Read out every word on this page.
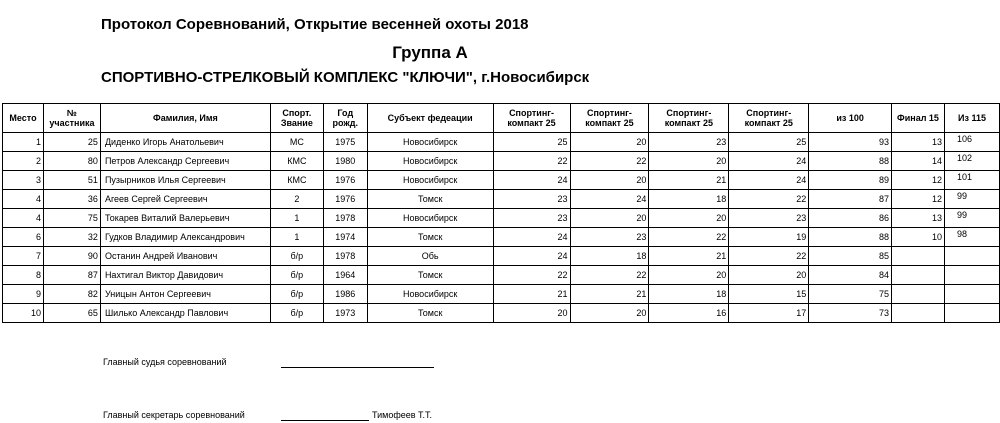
Протокол Соревнований, Открытие весенней охоты 2018
Группа А
СПОРТИВНО-СТРЕЛКОВЫЙ КОМПЛЕКС "КЛЮЧИ", г.Новосибирск
Место	№ участника	Фамилия, Имя	Спорт. Звание	Год рожд.	Субъект федеации	Спортинг-компакт 25	Спортинг-компакт 25	Спортинг-компакт 25	Спортинг-компакт 25	из 100	Финал 15	Из 115
1	25	Диденко Игорь Анатольевич	МС	1975	Новосибирск	25	20	23	25	93	13	106
2	80	Петров Александр Сергеевич	КМС	1980	Новосибирск	22	22	20	24	88	14	102
3	51	Пузырников Илья Сергеевич	КМС	1976	Новосибирск	24	20	21	24	89	12	101
4	36	Агеев Сергей Сергеевич	2	1976	Томск	23	24	18	22	87	12	99
4	75	Токарев Виталий Валерьевич	1	1978	Новосибирск	23	20	20	23	86	13	99
6	32	Гудков Владимир Александрович	1	1974	Томск	24	23	22	19	88	10	98
7	90	Останин Андрей Иванович	б/р	1978	Обь	24	18	21	22	85		
8	87	Нахтигал Виктор Давидович	б/р	1964	Томск	22	22	20	20	84		
9	82	Уницын Антон Сергеевич	б/р	1986	Новосибирск	21	21	18	15	75		
10	65	Шилько Александр Павлович	б/р	1973	Томск	20	20	16	17	73		
Главный судья соревнований
Главный секретарь соревнований	Тимофеев Т.Т.
